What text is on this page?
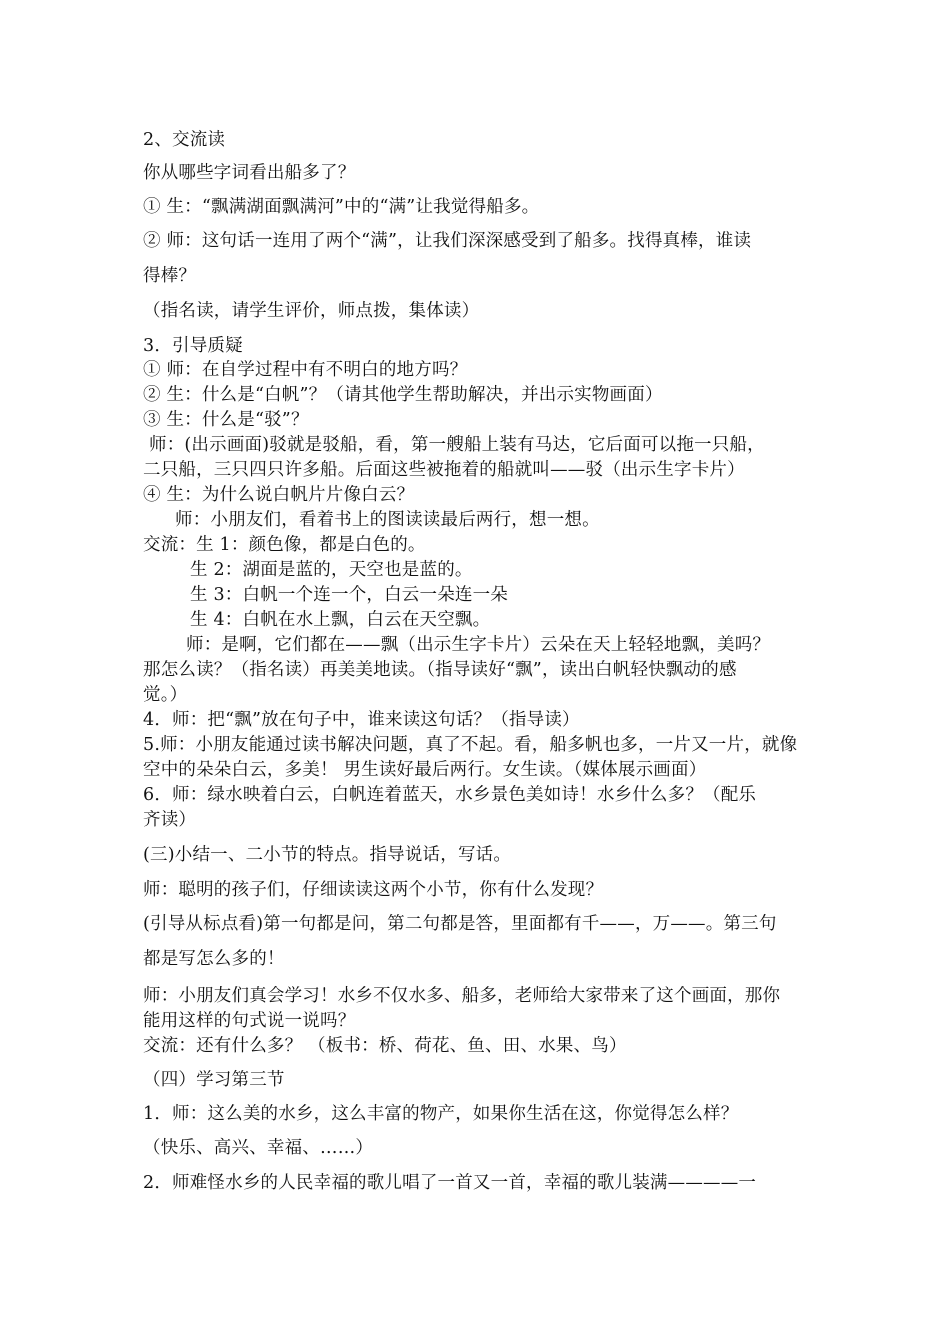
2、交流读
你从哪些字词看出船多了？
① 生：“飘满湖面飘满河”中的“满”让我觉得船多。
② 师：这句话一连用了两个“满”，让我们深深感受到了船多。找得真棒，谁读
得棒？
（指名读，请学生评价，师点拨，集体读）
3．引导质疑
① 师：在自学过程中有不明白的地方吗？
② 生：什么是“白帆”？（请其他学生帮助解决，并出示实物画面）
③ 生：什么是“驳”？
师：(出示画面)驳就是驳船，看，第一艘船上装有马达，它后面可以拖一只船，
二只船，三只四只许多船。后面这些被拖着的船就叫——驳（出示生字卡片）
④ 生：为什么说白帆片片像白云？
师：小朋友们，看着书上的图读读最后两行，想一想。
交流：生 1：颜色像，都是白色的。
生 2：湖面是蓝的，天空也是蓝的。
生 3：白帆一个连一个，白云一朵连一朵
生 4：白帆在水上飘，白云在天空飘。
师：是啊，它们都在——飘（出示生字卡片）云朵在天上轻轻地飘，美吗？
那怎么读？（指名读）再美美地读。（指导读好“飘”，读出白帆轻快飘动的感
觉。）
4．师：把“飘”放在句子中，谁来读这句话？（指导读）
5.师：小朋友能通过读书解决问题，真了不起。看，船多帆也多，一片又一片，就像
空中的朵朵白云，多美！ 男生读好最后两行。女生读。（媒体展示画面）
6．师：绿水映着白云，白帆连着蓝天，水乡景色美如诗！水乡什么多？（配乐
齐读）
(三)小结一、二小节的特点。指导说话，写话。
师：聪明的孩子们，仔细读读这两个小节，你有什么发现？
(引导从标点看)第一句都是问，第二句都是答，里面都有千——，万——。第三句
都是写怎么多的！
师：小朋友们真会学习！水乡不仅水多、船多，老师给大家带来了这个画面，那你
能用这样的句式说一说吗？
交流：还有什么多？ （板书：桥、荷花、鱼、田、水果、鸟）
（四）学习第三节
1．师：这么美的水乡，这么丰富的物产，如果你生活在这，你觉得怎么样？
（快乐、高兴、幸福、……）
2．师难怪水乡的人民幸福的歌儿唱了一首又一首，幸福的歌儿装满————一
